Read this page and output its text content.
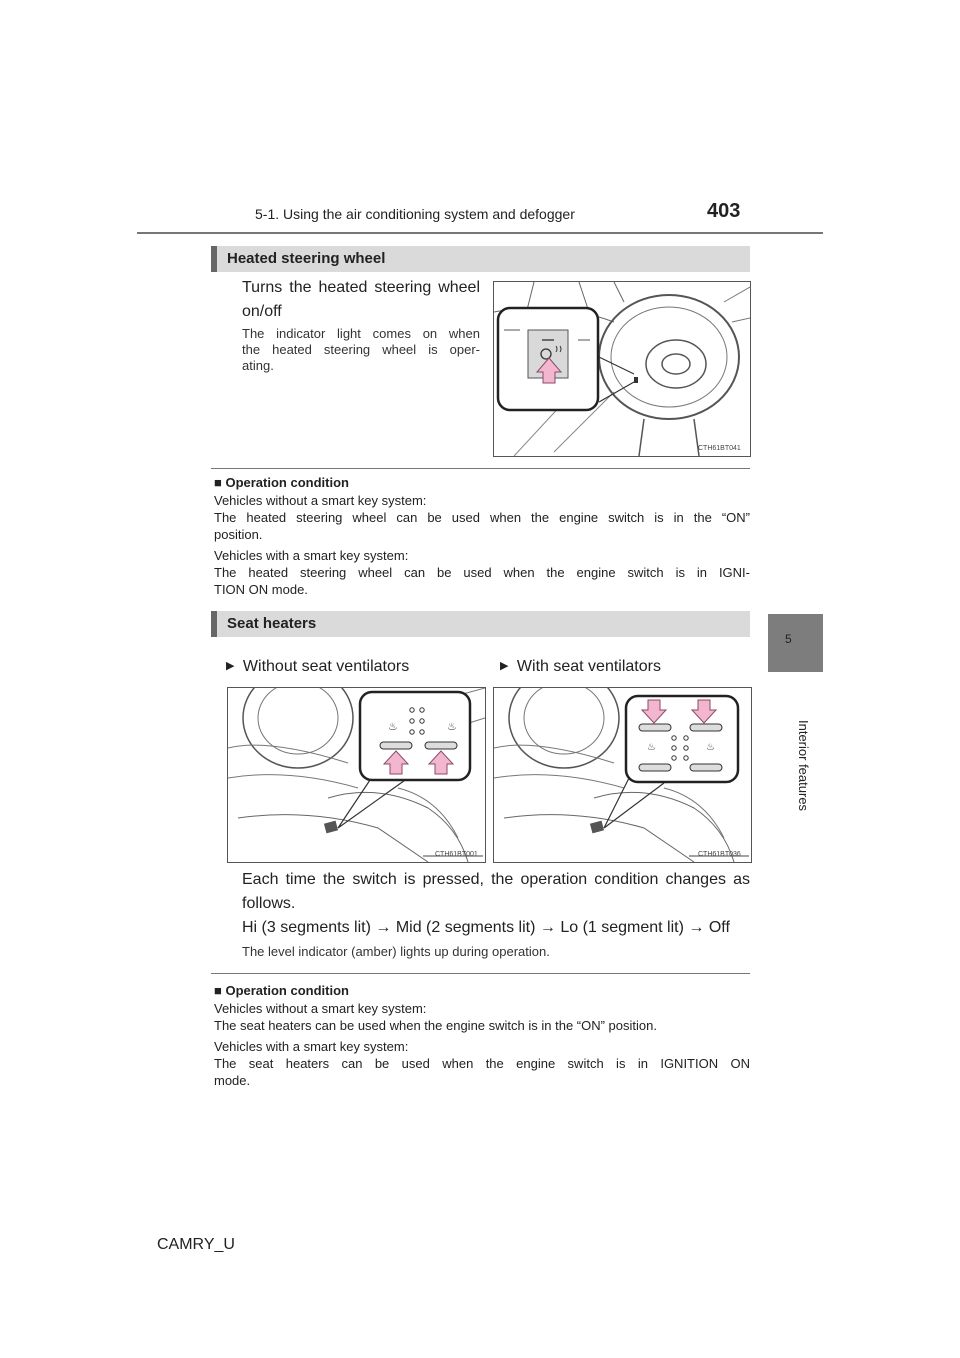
5-1. Using the air conditioning system and defogger	403
5
Interior features
Heated steering wheel
Turns the heated steering wheel
on/off
The indicator light comes on when
the heated steering wheel is oper-
ating.
CTH61BT041
■ Operation condition
Vehicles without a smart key system:
The heated steering wheel can be used when the engine switch is in the “ON”
position.
Vehicles with a smart key system:
The heated steering wheel can be used when the engine switch is in IGNI-
TION ON mode.
Seat heaters
▶ Without seat ventilators	▶ With seat ventilators
♨	♨
CTH61BT001
♨	♨
CTH61BT036
Each time the switch is pressed, the operation condition changes as
follows.
Hi (3 segments lit) → Mid (2 segments lit) → Lo (1 segment lit) → Off
The level indicator (amber) lights up during operation.
■ Operation condition
Vehicles without a smart key system:
The seat heaters can be used when the engine switch is in the “ON” position.
Vehicles with a smart key system:
The seat heaters can be used when the engine switch is in IGNITION ON
mode.
CAMRY_U
